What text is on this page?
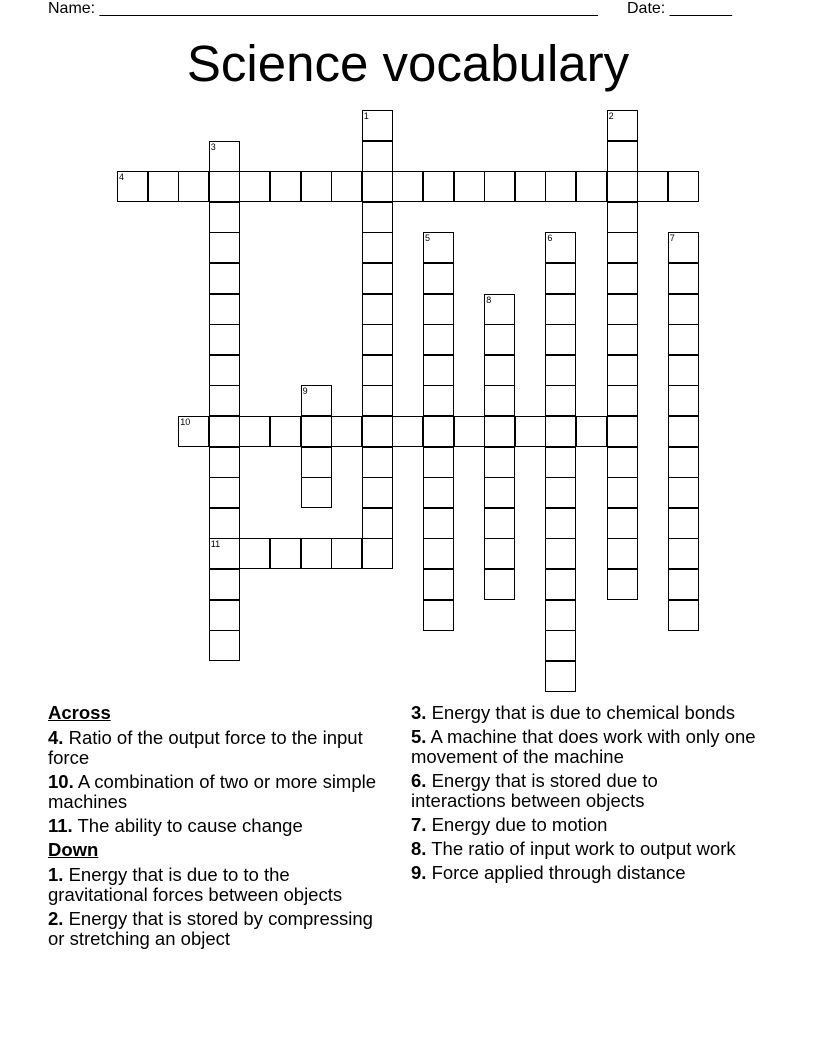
Name: ________________________________________________________ Date: _______
Science vocabulary
1	2
3
11
4
5	6	7
8
9
10
Across
4. Ratio of the output force to the input force
10. A combination of two or more simple machines
11. The ability to cause change
Down
1. Energy that is due to to the gravitational forces between objects
2. Energy that is stored by compressing or stretching an object
3. Energy that is due to chemical bonds
5. A machine that does work with only one movement of the machine
6. Energy that is stored due to interactions between objects
7. Energy due to motion
8. The ratio of input work to output work
9. Force applied through distance
